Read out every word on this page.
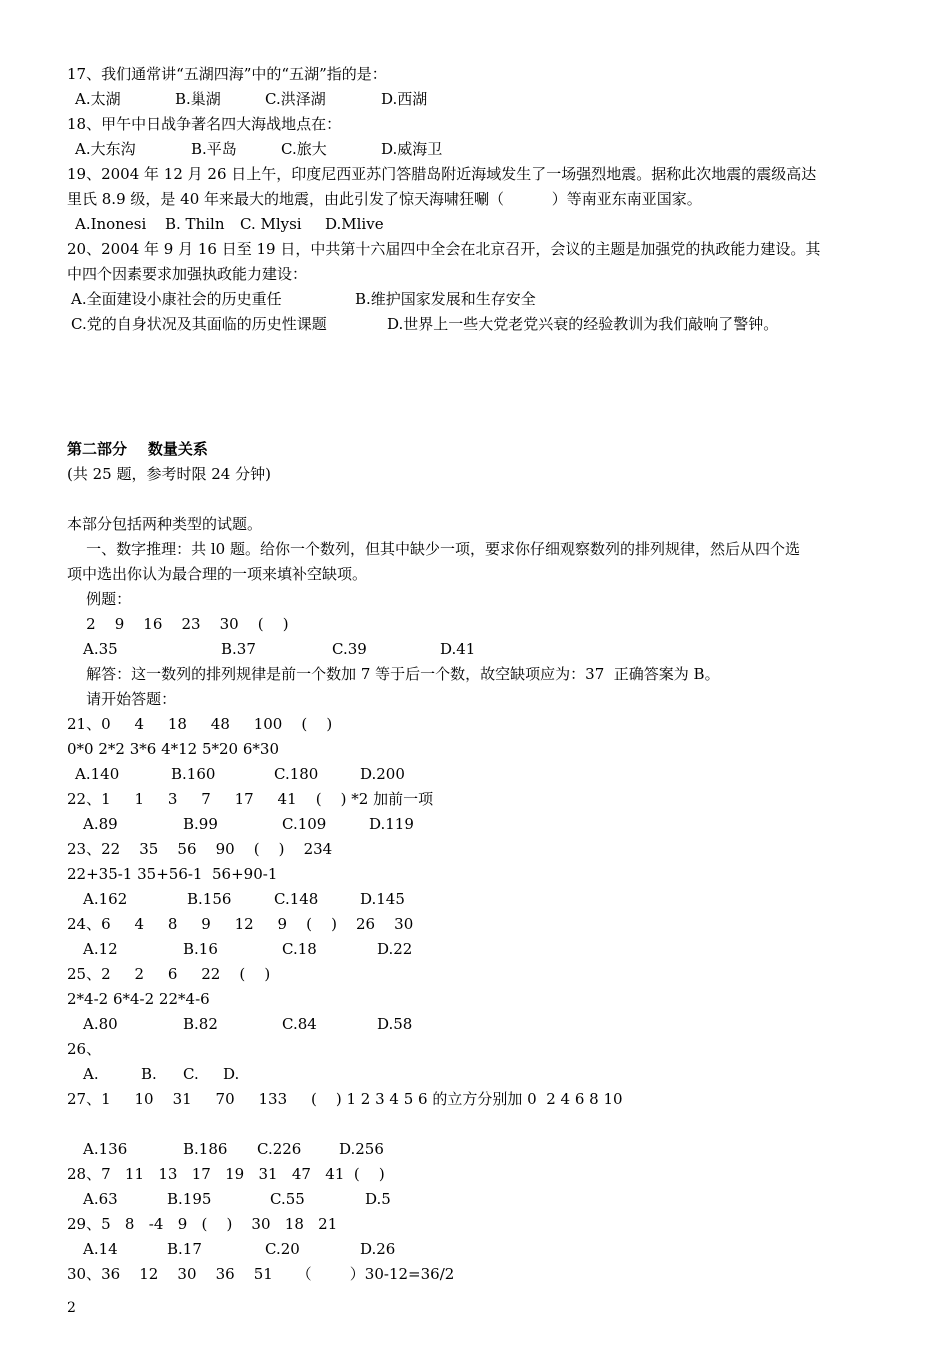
17、我们通常讲“五湖四海”中的“五湖”指的是：

A.太湖

	B.巢湖

	C.洪泽湖

	D.西湖

18、甲午中日战争著名四大海战地点在：

A.大东沟

	B.平岛

	C.旅大

	D.威海卫

19、2004 年 12 月 26 日上午，印度尼西亚苏门答腊岛附近海域发生了一场强烈地震。据称此次地震的震级高达
里氏 8.9 级，是 40 年来最大的地震，由此引发了惊天海啸狂唰（          ）等南亚东南亚国家。

A.Inonesi

B. Thiln

C. Mlysi

D.Mlive

20、2004 年 9 月 16 日至 19 日，中共第十六届四中全会在北京召开，会议的主题是加强党的执政能力建设。其
中四个因素要求加强执政能力建设：

A.全面建设小康社会的历史重任

	B.维护国家发展和生存安全

C.党的自身状况及其面临的历史性课题

	D.世界上一些大党老党兴衰的经验教训为我们敲响了警钟。

第二部分    数量关系
(共 25 题，参考时限 24 分钟)
本部分包括两种类型的试题。
一、数字推理：共 l0 题。给你一个数列，但其中缺少一项，要求你仔细观察数列的排列规律，然后从四个选
项中选出你认为最合理的一项来填补空缺项。
例题：
2    9    16    23    30    (    )

A.35

	B.37

	C.39

	D.41

解答：这一数列的排列规律是前一个数加 7 等于后一个数，故空缺项应为：37  正确答案为 B。
请开始答题：
21、0     4     18     48     100    (    )
0*0 2*2 3*6 4*12 5*20 6*30

A.140

	B.160

	C.180

	D.200

22、1     1     3     7     17     41    (    ) *2 加前一项

A.89

	B.99

	C.109

	D.119

23、22    35    56    90    (    )    234
22+35-1 35+56-1  56+90-1

A.162

	B.156

	C.148

	D.145

24、6     4     8     9     12     9    (    )    26    30

A.12

	B.16

	C.18

	D.22

25、2     2     6     22    (    )
2*4-2 6*4-2 22*4-6

A.80

	B.82

	C.84

	D.58

26、

A.

	B.

C.

D.

27、1     10    31     70     133     (    ) 1 2 3 4 5 6 的立方分别加 0  2 4 6 8 10

A.136

	B.186

C.226

	D.256

28、7   11   13   17   19   31   47   41  (    )

A.63

	B.195

	C.55

	D.5

29、5   8   -4   9   (    )    30   18   21

A.14

	B.17

	C.20

	D.26

30、36    12    30    36    51     （        ）30-12=36/2
2
